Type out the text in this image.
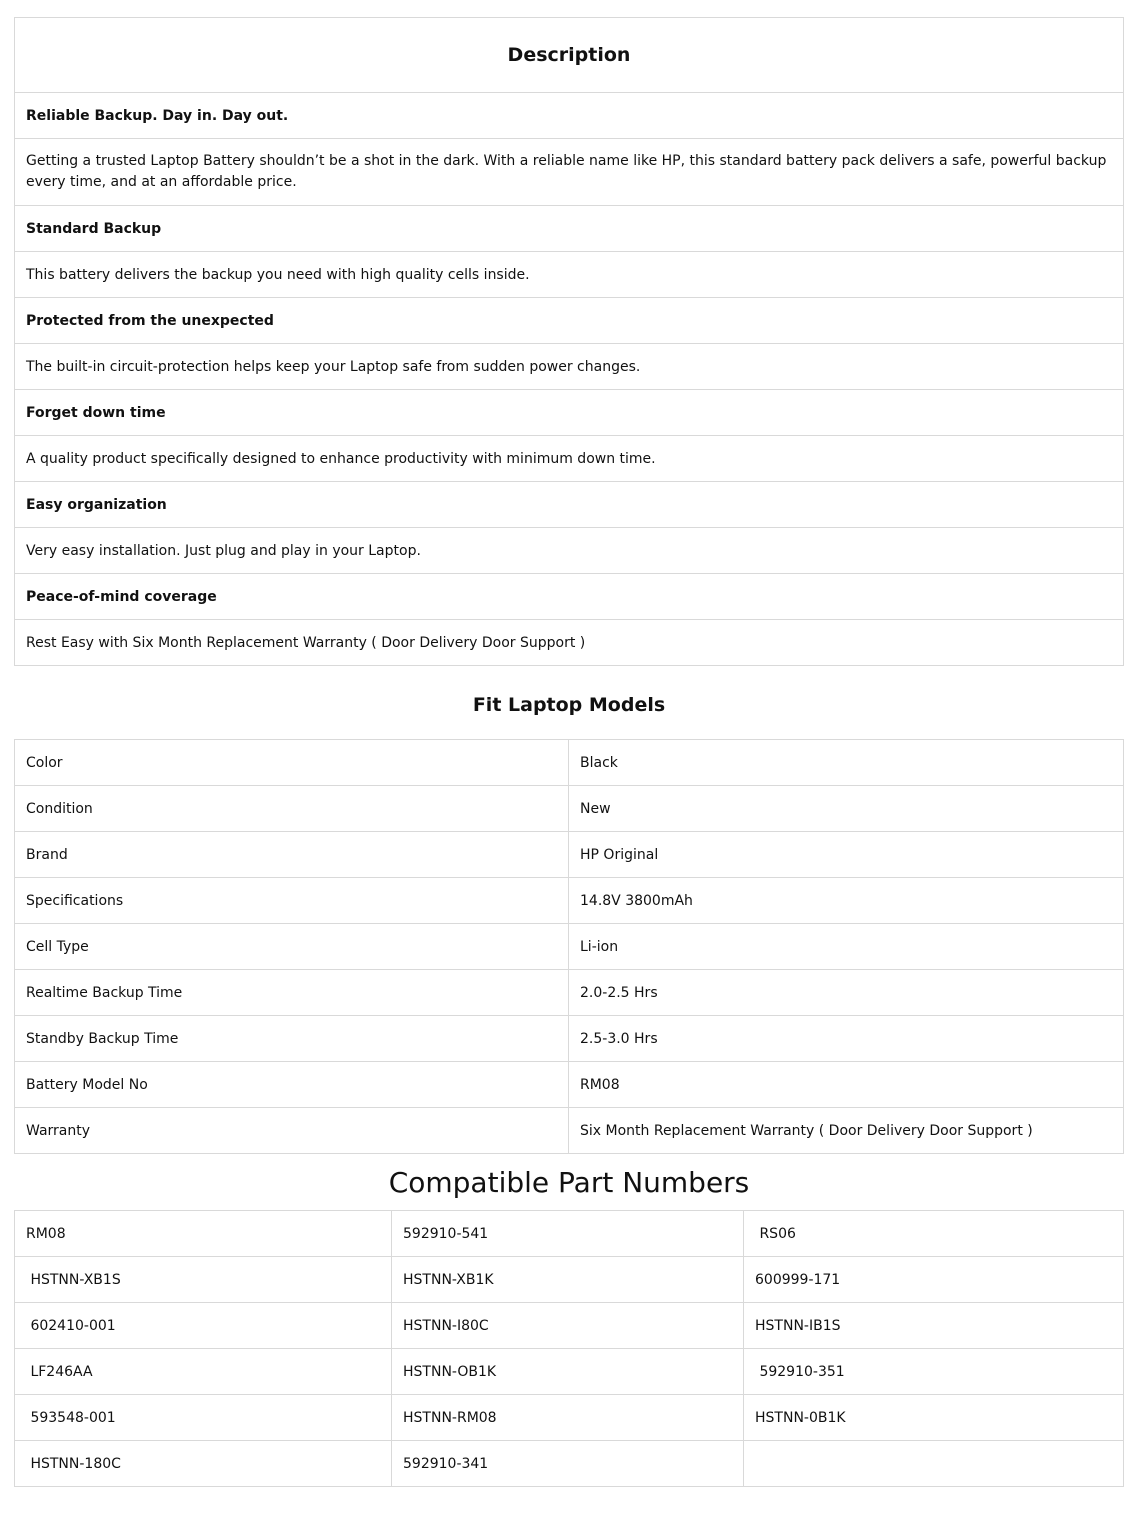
Description
Reliable Backup. Day in. Day out.
Getting a trusted Laptop Battery shouldn’t be a shot in the dark. With a reliable name like HP, this standard battery pack delivers a safe, powerful backup every time, and at an affordable price.
Standard Backup
This battery delivers the backup you need with high quality cells inside.
Protected from the unexpected
The built-in circuit-protection helps keep your Laptop safe from sudden power changes.
Forget down time
A quality product specifically designed to enhance productivity with minimum down time.
Easy organization
Very easy installation. Just plug and play in your Laptop.
Peace-of-mind coverage
Rest Easy with Six Month Replacement Warranty ( Door Delivery Door Support )
Fit Laptop Models
Color	Black
Condition	New
Brand	HP Original
Specifications	14.8V 3800mAh
Cell Type	Li-ion
Realtime Backup Time	2.0-2.5 Hrs
Standby Backup Time	2.5-3.0 Hrs
Battery Model No	RM08
Warranty	Six Month Replacement Warranty ( Door Delivery Door Support )
Compatible Part Numbers
RM08	592910-541	RS06
HSTNN-XB1S	HSTNN-XB1K	600999-171
602410-001	HSTNN-I80C	HSTNN-IB1S
LF246AA	HSTNN-OB1K	592910-351
593548-001	HSTNN-RM08	HSTNN-0B1K
HSTNN-180C	592910-341	
